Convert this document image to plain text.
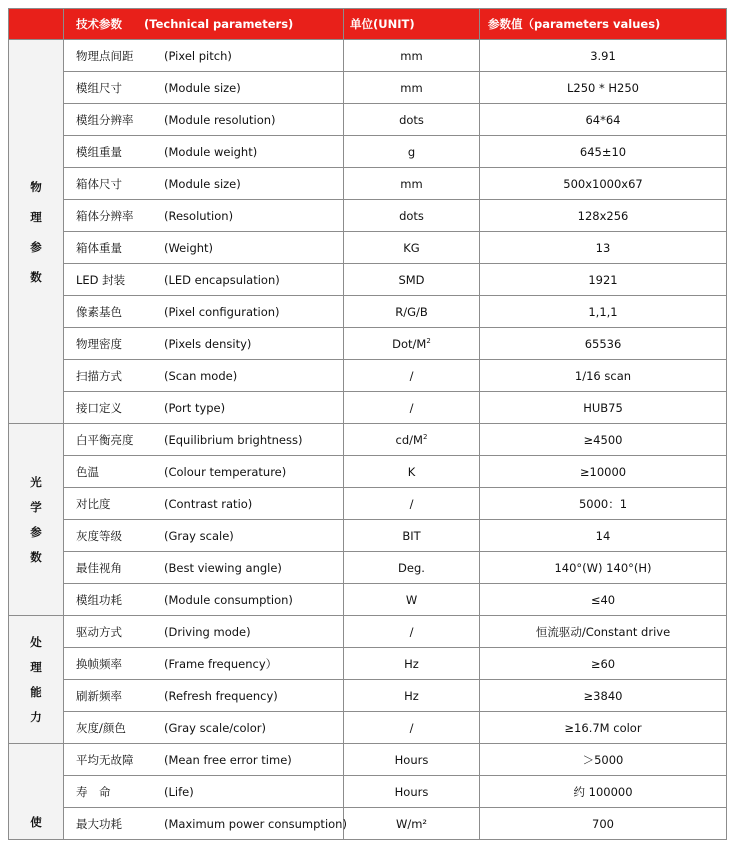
	技术参数 (Technical parameters)	单位(UNIT)	参数值（parameters values)

物
理
参
数	物理点间距 (Pixel pitch)	mm	3.91
	模组尺寸 (Module size)	mm	L250 * H250
	模组分辨率 (Module resolution)	dots	64*64
	模组重量 (Module weight)	g	645±10
	箱体尺寸 (Module size)	mm	500x1000x67
	箱体分辨率 (Resolution)	dots	128x256
	箱体重量 (Weight)	KG	13
	LED 封装 (LED encapsulation)	SMD	1921
	像素基色 (Pixel configuration)	R/G/B	1,1,1
	物理密度 (Pixels density)	Dot/$M^2$	65536
	扫描方式 (Scan mode)	/	1/16 scan
	接口定义 (Port type)	/	HUB75

光
学
参
数	白平衡亮度 (Equilibrium brightness)	$cd/M^2$	≥4500
	色温 (Colour temperature)	K	≥10000
	对比度 (Contrast ratio)	/	5000：1
	灰度等级 (Gray scale)	BIT	14
	最佳视角 (Best viewing angle)	Deg.	140°(W) 140°(H)
	模组功耗 (Module consumption)	W	≤40

处
理
能
力	驱动方式 (Driving mode)	/	恒流驱动/Constant drive
	换帧频率 (Frame frequency）	Hz	≥60
	刷新频率 (Refresh frequency)	Hz	≥3840
	灰度/颜色 (Gray scale/color)	/	≥16.7M color

使	平均无故障 (Mean free error time)	Hours	＞5000
	寿　命 (Life)	Hours	约 100000
	最大功耗 (Maximum power consumption)	W/m²	700
